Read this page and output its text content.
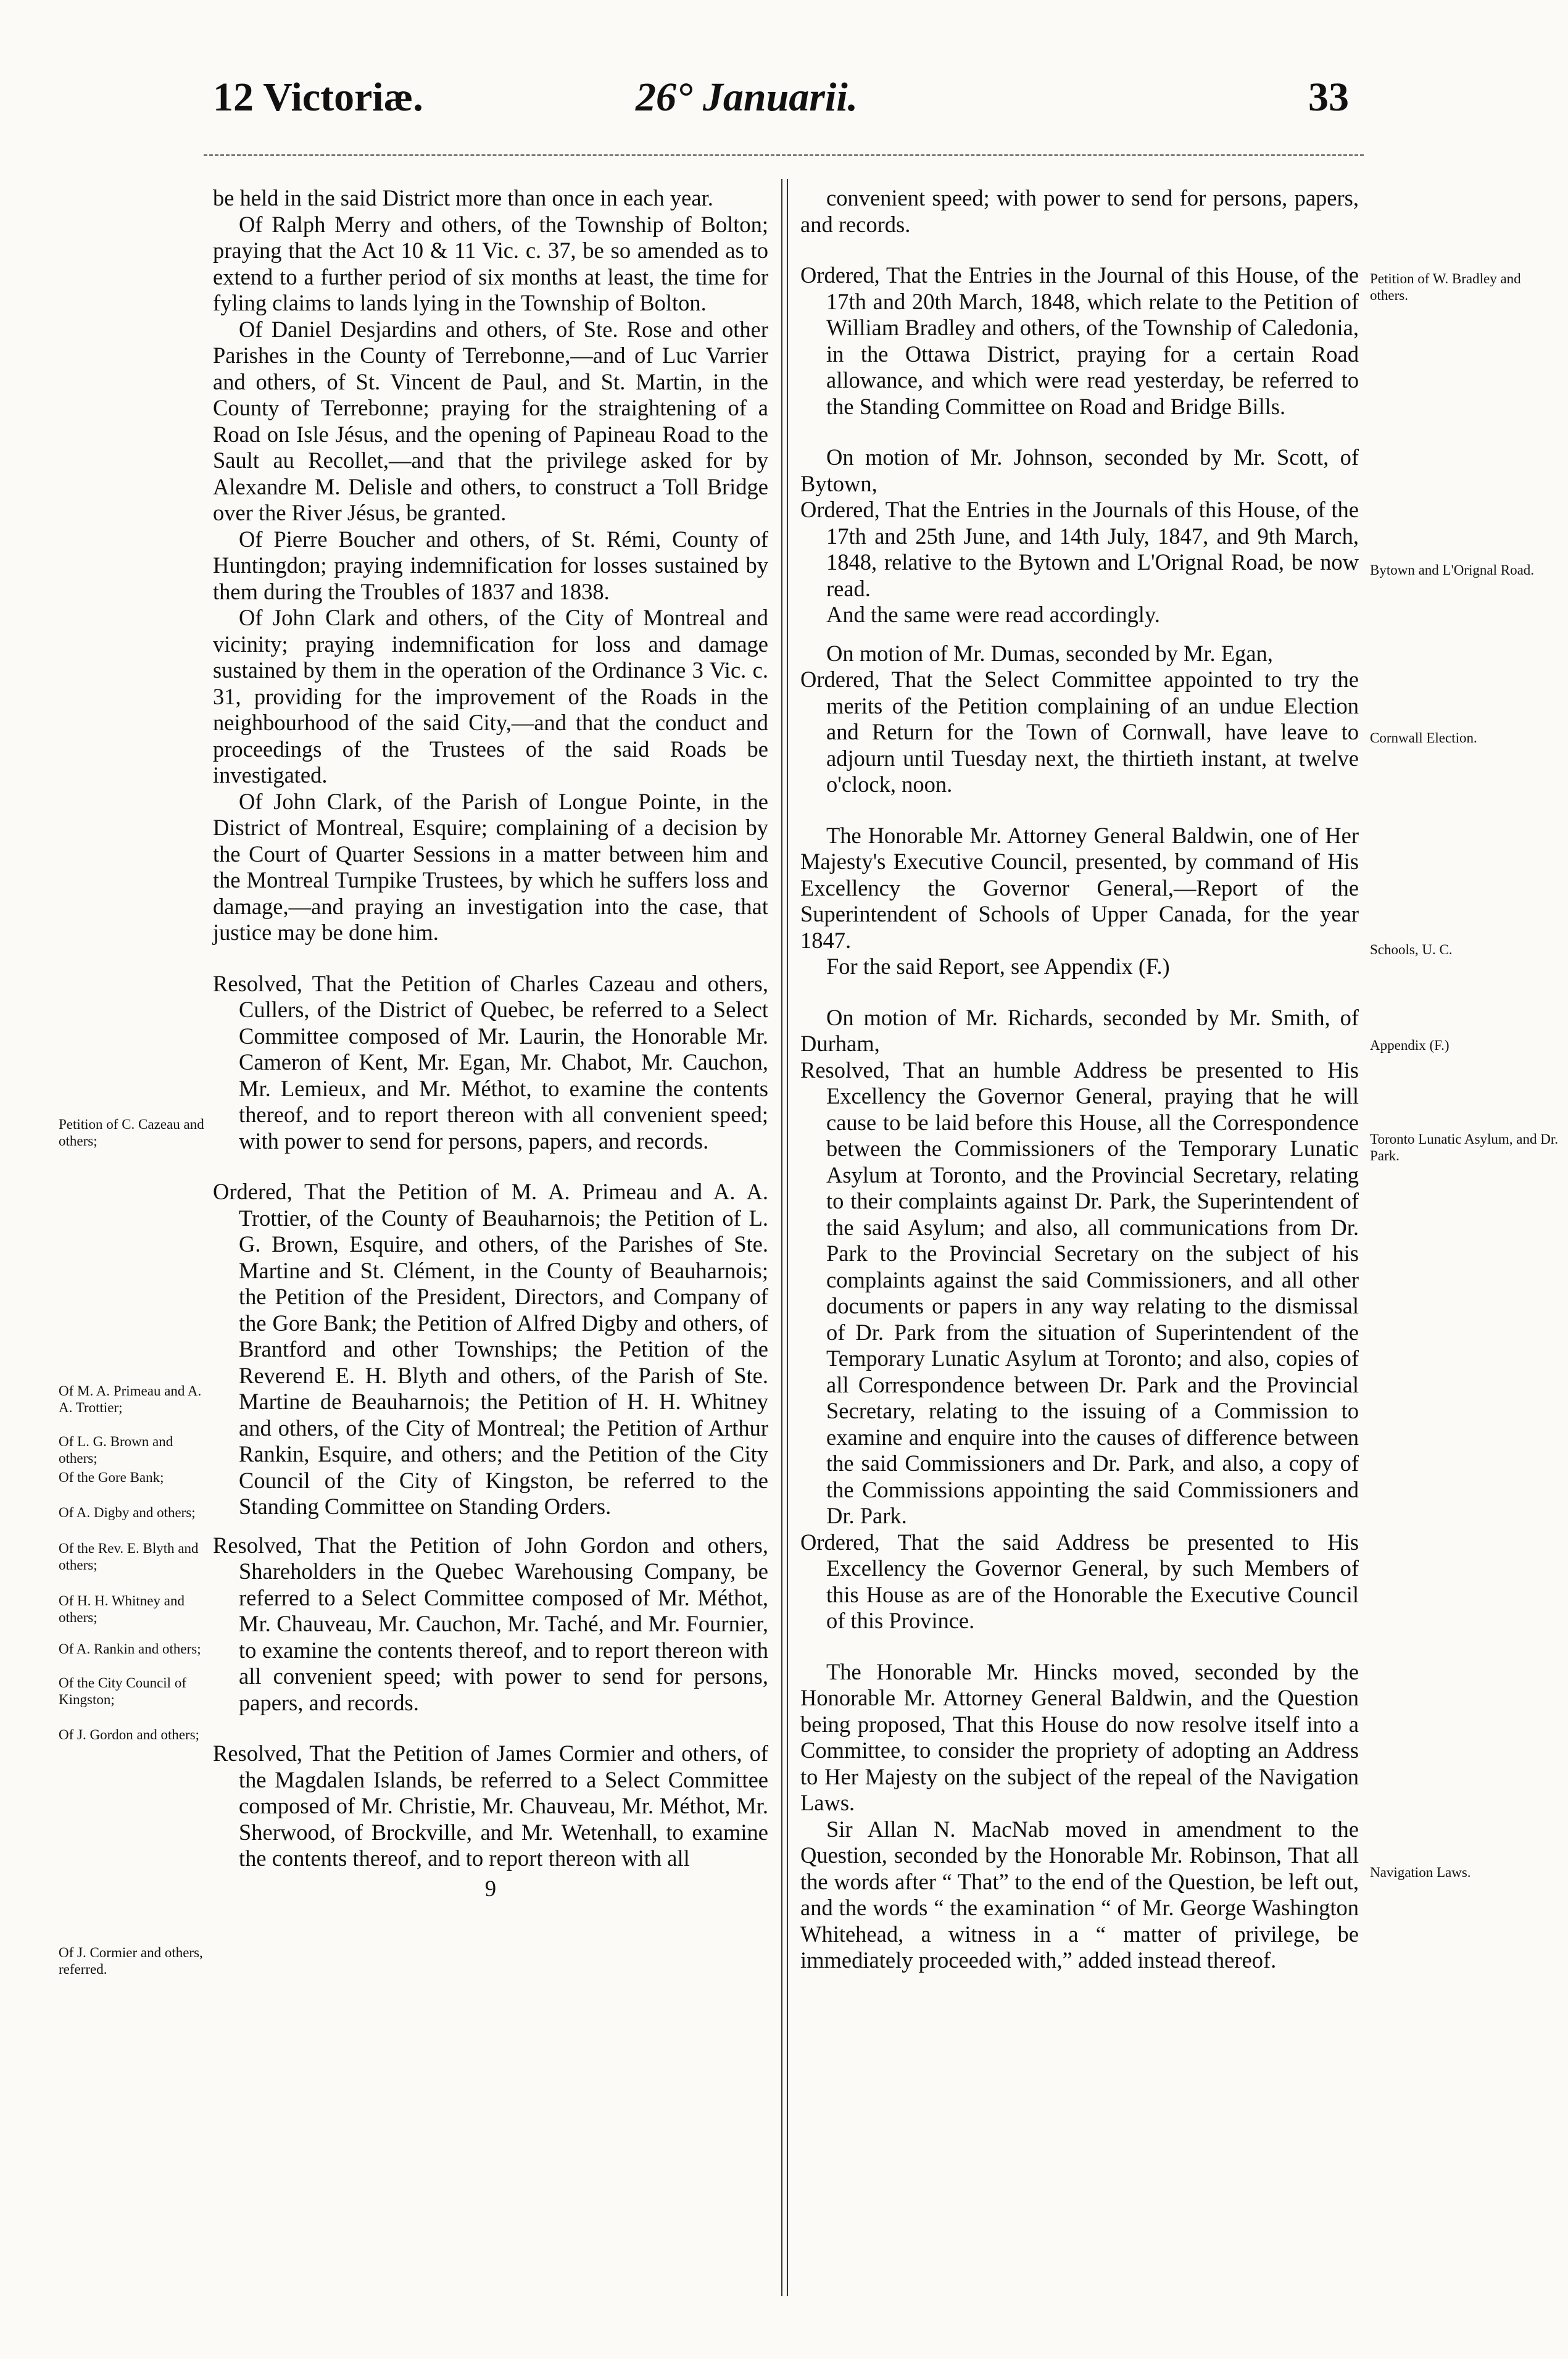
12 Victoriæ.	26° Januarii.	33

be held in the said District more than once in each year.

Of Ralph Merry and others, of the Township of Bolton; praying that the Act 10 & 11 Vic. c. 37, be so amended as to extend to a further period of six months at least, the time for fyling claims to lands lying in the Township of Bolton.

Of Daniel Desjardins and others, of Ste. Rose and other Parishes in the County of Terrebonne,—and of Luc Varrier and others, of St. Vincent de Paul, and St. Martin, in the County of Terrebonne; praying for the straightening of a Road on Isle Jésus, and the opening of Papineau Road to the Sault au Recollet,—and that the privilege asked for by Alexandre M. Delisle and others, to construct a Toll Bridge over the River Jésus, be granted.

Of Pierre Boucher and others, of St. Rémi, County of Huntingdon; praying indemnification for losses sustained by them during the Troubles of 1837 and 1838.

Of John Clark and others, of the City of Montreal and vicinity; praying indemnification for loss and damage sustained by them in the operation of the Ordinance 3 Vic. c. 31, providing for the improvement of the Roads in the neighbourhood of the said City,—and that the conduct and proceedings of the Trustees of the said Roads be investigated.

Of John Clark, of the Parish of Longue Pointe, in the District of Montreal, Esquire; complaining of a decision by the Court of Quarter Sessions in a matter between him and the Montreal Turnpike Trustees, by which he suffers loss and damage,—and praying an investigation into the case, that justice may be done him.

Resolved, That the Petition of Charles Cazeau and others, Cullers, of the District of Quebec, be referred to a Select Committee composed of Mr. Laurin, the Honorable Mr. Cameron of Kent, Mr. Egan, Mr. Chabot, Mr. Cauchon, Mr. Lemieux, and Mr. Méthot, to examine the contents thereof, and to report thereon with all convenient speed; with power to send for persons, papers, and records.

Ordered, That the Petition of M. A. Primeau and A. A. Trottier, of the County of Beauharnois; the Petition of L. G. Brown, Esquire, and others, of the Parishes of Ste. Martine and St. Clément, in the County of Beauharnois; the Petition of the President, Directors, and Company of the Gore Bank; the Petition of Alfred Digby and others, of Brantford and other Townships; the Petition of the Reverend E. H. Blyth and others, of the Parish of Ste. Martine de Beauharnois; the Petition of H. H. Whitney and others, of the City of Montreal; the Petition of Arthur Rankin, Esquire, and others; and the Petition of the City Council of the City of Kingston, be referred to the Standing Committee on Standing Orders.

Resolved, That the Petition of John Gordon and others, Shareholders in the Quebec Warehousing Company, be referred to a Select Committee composed of Mr. Méthot, Mr. Chauveau, Mr. Cauchon, Mr. Taché, and Mr. Fournier, to examine the contents thereof, and to report thereon with all convenient speed; with power to send for persons, papers, and records.

Resolved, That the Petition of James Cormier and others, of the Magdalen Islands, be referred to a Select Committee composed of Mr. Christie, Mr. Chauveau, Mr. Méthot, Mr. Sherwood, of Brockville, and Mr. Wetenhall, to examine the contents thereof, and to report thereon with all

9

convenient speed; with power to send for persons, papers, and records.

Ordered, That the Entries in the Journal of this House, of the 17th and 20th March, 1848, which relate to the Petition of William Bradley and others, of the Township of Caledonia, in the Ottawa District, praying for a certain Road allowance, and which were read yesterday, be referred to the Standing Committee on Road and Bridge Bills.

On motion of Mr. Johnson, seconded by Mr. Scott, of Bytown,

Ordered, That the Entries in the Journals of this House, of the 17th and 25th June, and 14th July, 1847, and 9th March, 1848, relative to the Bytown and L'Orignal Road, be now read.

And the same were read accordingly.

On motion of Mr. Dumas, seconded by Mr. Egan,

Ordered, That the Select Committee appointed to try the merits of the Petition complaining of an undue Election and Return for the Town of Cornwall, have leave to adjourn until Tuesday next, the thirtieth instant, at twelve o'clock, noon.

The Honorable Mr. Attorney General Baldwin, one of Her Majesty's Executive Council, presented, by command of His Excellency the Governor General,—Report of the Superintendent of Schools of Upper Canada, for the year 1847.

For the said Report, see Appendix (F.)

On motion of Mr. Richards, seconded by Mr. Smith, of Durham,

Resolved, That an humble Address be presented to His Excellency the Governor General, praying that he will cause to be laid before this House, all the Correspondence between the Commissioners of the Temporary Lunatic Asylum at Toronto, and the Provincial Secretary, relating to their complaints against Dr. Park, the Superintendent of the said Asylum; and also, all communications from Dr. Park to the Provincial Secretary on the subject of his complaints against the said Commissioners, and all other documents or papers in any way relating to the dismissal of Dr. Park from the situation of Superintendent of the Temporary Lunatic Asylum at Toronto; and also, copies of all Correspondence between Dr. Park and the Provincial Secretary, relating to the issuing of a Commission to examine and enquire into the causes of difference between the said Commissioners and Dr. Park, and also, a copy of the Commissions appointing the said Commissioners and Dr. Park.

Ordered, That the said Address be presented to His Excellency the Governor General, by such Members of this House as are of the Honorable the Executive Council of this Province.

The Honorable Mr. Hincks moved, seconded by the Honorable Mr. Attorney General Baldwin, and the Question being proposed, That this House do now resolve itself into a Committee, to consider the propriety of adopting an Address to Her Majesty on the subject of the repeal of the Navigation Laws.

Sir Allan N. MacNab moved in amendment to the Question, seconded by the Honorable Mr. Robinson, That all the words after “ That” to the end of the Question, be left out, and the words “ the examination “ of Mr. George Washington Whitehead, a witness in a “ matter of privilege, be immediately proceeded with,” added instead thereof.

Petition of C. Cazeau and others;
Of M. A. Primeau and A. A. Trottier;
Of L. G. Brown and others;
Of the Gore Bank;
Of A. Digby and others;
Of the Rev. E. Blyth and others;
Of H. H. Whitney and others;
Of A. Rankin and others;
Of the City Council of Kingston;
Of J. Gordon and others;
Of J. Cormier and others, referred.
Petition of W. Bradley and others.
Bytown and L'Orignal Road.
Cornwall Election.
Schools, U. C.
Appendix (F.)
Toronto Lunatic Asylum, and Dr. Park.
Navigation Laws.
